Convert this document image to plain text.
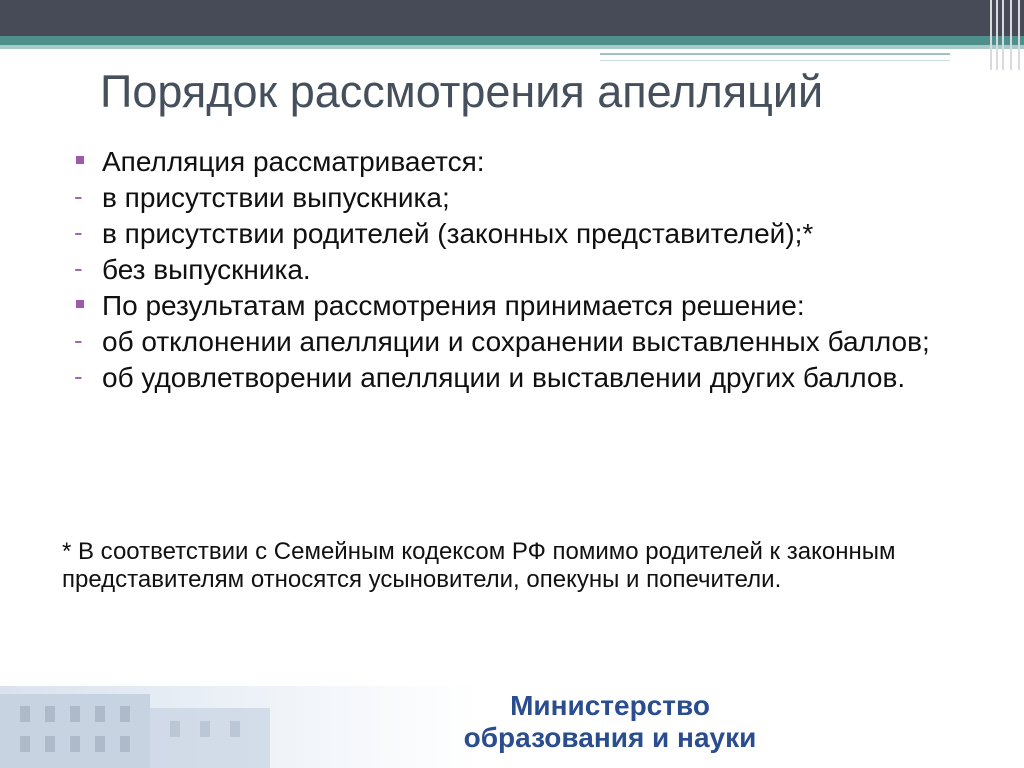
Порядок рассмотрения апелляций
Апелляция рассматривается:
- в присутствии выпускника;
- в присутствии родителей (законных представителей);*
- без выпускника.
По результатам рассмотрения принимается решение:
- об отклонении апелляции и сохранении выставленных баллов;
- об удовлетворении апелляции и выставлении других баллов.
* В соответствии с Семейным кодексом РФ помимо родителей к законным представителям относятся усыновители, опекуны и попечители.
Министерство
образования и науки
